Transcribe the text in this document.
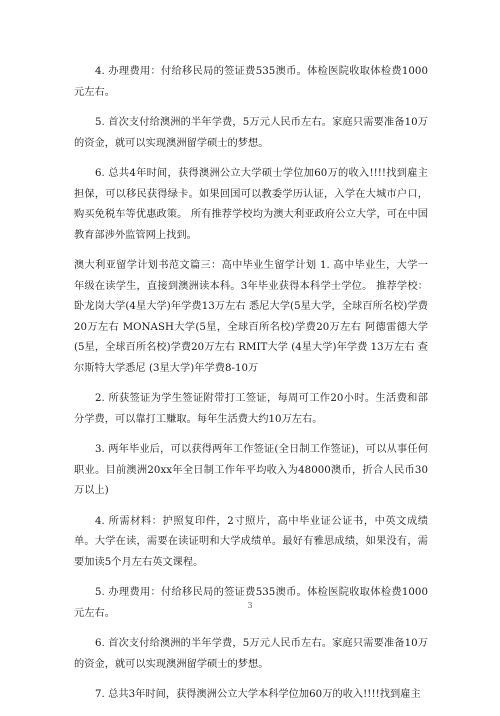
4. 办理费用：付给移民局的签证费535澳币。体检医院收取体检费1000元左右。

5. 首次支付给澳洲的半年学费，5万元人民币左右。家庭只需要准备10万的资金，就可以实现澳洲留学硕士的梦想。

6. 总共4年时间，获得澳洲公立大学硕士学位加60万的收入!!!!找到雇主担保，可以移民获得绿卡。如果回国可以教委学历认证，入学在大城市户口，购买免税车等优惠政策。 所有推荐学校均为澳大利亚政府公立大学，可在中国教育部涉外监管网上找到。

澳大利亚留学计划书范文篇三：高中毕业生留学计划 1. 高中毕业生，大学一年级在读学生，直接到澳洲读本科。3年毕业获得本科学士学位。 推荐学校：卧龙岗大学(4星大学)年学费13万左右 悉尼大学(5星大学，全球百所名校)学费20万左右 MONASH大学(5星，全球百所名校)学费20万左右 阿德雷德大学(5星，全球百所名校)学费20万左右 RMIT大学 (4星大学)年学费 13万左右 查尔斯特大学悉尼 (3星大学)年学费8-10万

2. 所获签证为学生签证附带打工签证，每周可工作20小时。生活费和部分学费，可以靠打工赚取。每年生活费大约10万左右。

3. 两年毕业后，可以获得两年工作签证(全日制工作签证)，可以从事任何职业。目前澳洲20xx年全日制工作年平均收入为48000澳币，折合人民币30万以上)

4. 所需材料：护照复印件，2寸照片，高中毕业证公证书，中英文成绩单。大学在读，需要在读证明和大学成绩单。最好有雅思成绩，如果没有，需要加读5个月左右英文课程。

5. 办理费用：付给移民局的签证费535澳币。体检医院收取体检费1000元左右。

6. 首次支付给澳洲的半年学费，5万元人民币左右。家庭只需要准备10万的资金，就可以实现澳洲留学硕士的梦想。

7. 总共3年时间，获得澳洲公立大学本科学位加60万的收入!!!!找到雇主

3
